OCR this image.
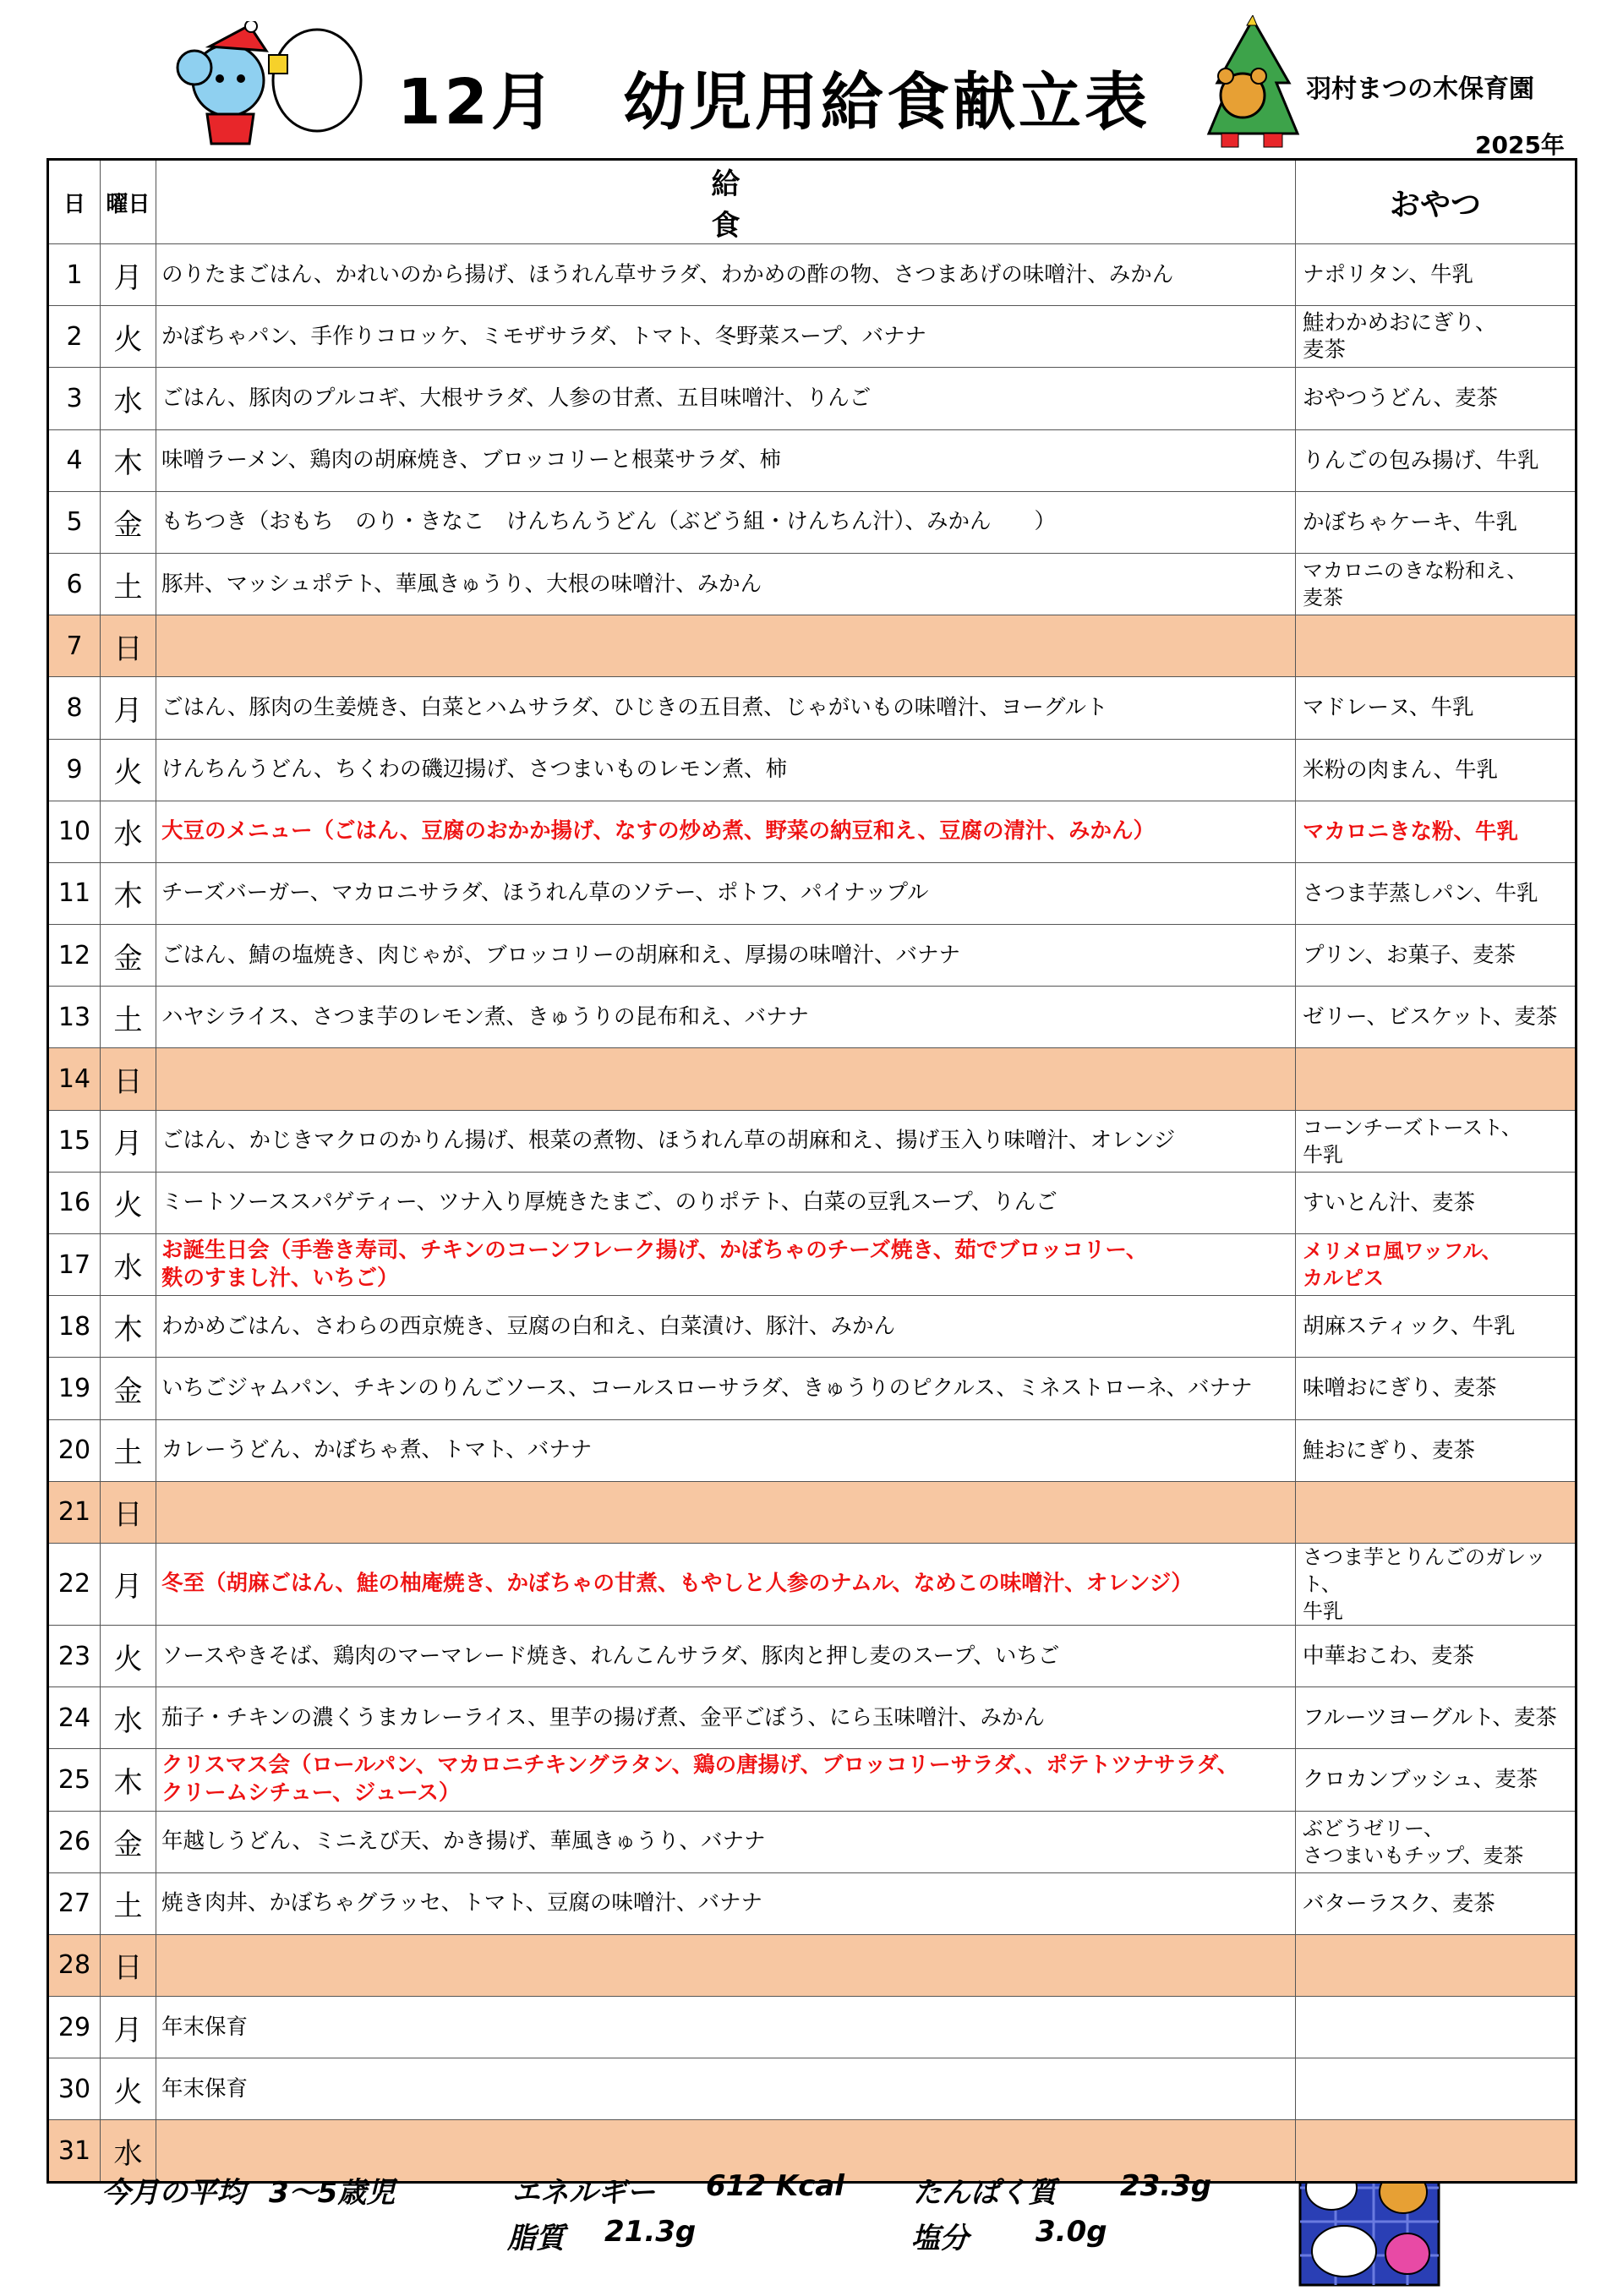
12月　幼児用給食献立表	羽村まつの木保育園
2025年
日	曜日	給食	おやつ
1	月	のりたまごはん、かれいのから揚げ、ほうれん草サラダ、わかめの酢の物、さつまあげの味噌汁、みかん	ナポリタン、牛乳
2	火	かぼちゃパン、手作りコロッケ、ミモザサラダ、トマト、冬野菜スープ、バナナ	鮭わかめおにぎり、
麦茶
3	水	ごはん、豚肉のプルコギ、大根サラダ、人参の甘煮、五目味噌汁、りんご	おやつうどん、麦茶
4	木	味噌ラーメン、鶏肉の胡麻焼き、ブロッコリーと根菜サラダ、柿	りんごの包み揚げ、牛乳
5	金	もちつき（おもち　のり・きなこ　けんちんうどん（ぶどう組・けんちん汁）、みかん　　）	かぼちゃケーキ、牛乳
6	土	豚丼、マッシュポテト、華風きゅうり、大根の味噌汁、みかん	マカロニのきな粉和え、
麦茶
7	日		
8	月	ごはん、豚肉の生姜焼き、白菜とハムサラダ、ひじきの五目煮、じゃがいもの味噌汁、ヨーグルト	マドレーヌ、牛乳
9	火	けんちんうどん、ちくわの磯辺揚げ、さつまいものレモン煮、柿	米粉の肉まん、牛乳
10	水	大豆のメニュー（ごはん、豆腐のおかか揚げ、なすの炒め煮、野菜の納豆和え、豆腐の清汁、みかん）	マカロニきな粉、牛乳
11	木	チーズバーガー、マカロニサラダ、ほうれん草のソテー、ポトフ、パイナップル	さつま芋蒸しパン、牛乳
12	金	ごはん、鯖の塩焼き、肉じゃが、ブロッコリーの胡麻和え、厚揚の味噌汁、バナナ	プリン、お菓子、麦茶
13	土	ハヤシライス、さつま芋のレモン煮、きゅうりの昆布和え、バナナ	ゼリー、ビスケット、麦茶
14	日		
15	月	ごはん、かじきマクロのかりん揚げ、根菜の煮物、ほうれん草の胡麻和え、揚げ玉入り味噌汁、オレンジ	コーンチーズトースト、
牛乳
16	火	ミートソーススパゲティー、ツナ入り厚焼きたまご、のりポテト、白菜の豆乳スープ、りんご	すいとん汁、麦茶
17	水	お誕生日会（手巻き寿司、チキンのコーンフレーク揚げ、かぼちゃのチーズ焼き、茹でブロッコリー、
麩のすまし汁、いちご）	メリメロ風ワッフル、
カルピス
18	木	わかめごはん、さわらの西京焼き、豆腐の白和え、白菜漬け、豚汁、みかん	胡麻スティック、牛乳
19	金	いちごジャムパン、チキンのりんごソース、コールスローサラダ、きゅうりのピクルス、ミネストローネ、バナナ	味噌おにぎり、麦茶
20	土	カレーうどん、かぼちゃ煮、トマト、バナナ	鮭おにぎり、麦茶
21	日		
22	月	冬至（胡麻ごはん、鮭の柚庵焼き、かぼちゃの甘煮、もやしと人参のナムル、なめこの味噌汁、オレンジ）	さつま芋とりんごのガレット、
牛乳
23	火	ソースやきそば、鶏肉のマーマレード焼き、れんこんサラダ、豚肉と押し麦のスープ、いちご	中華おこわ、麦茶
24	水	茄子・チキンの濃くうまカレーライス、里芋の揚げ煮、金平ごぼう、にら玉味噌汁、みかん	フルーツヨーグルト、麦茶
25	木	クリスマス会（ロールパン、マカロニチキングラタン、鶏の唐揚げ、ブロッコリーサラダ、、ポテトツナサラダ、
クリームシチュー、ジュース）	クロカンブッシュ、麦茶
26	金	年越しうどん、ミニえび天、かき揚げ、華風きゅうり、バナナ	ぶどうゼリー、
さつまいもチップ、麦茶
27	土	焼き肉丼、かぼちゃグラッセ、トマト、豆腐の味噌汁、バナナ	バターラスク、麦茶
28	日		
29	月	年末保育	
30	火	年末保育	
31	水		
今月の平均 3～5歳児	エネルギー 612 Kcal たんぱく質 23.3g
脂質 21.3g	塩分 3.0g
